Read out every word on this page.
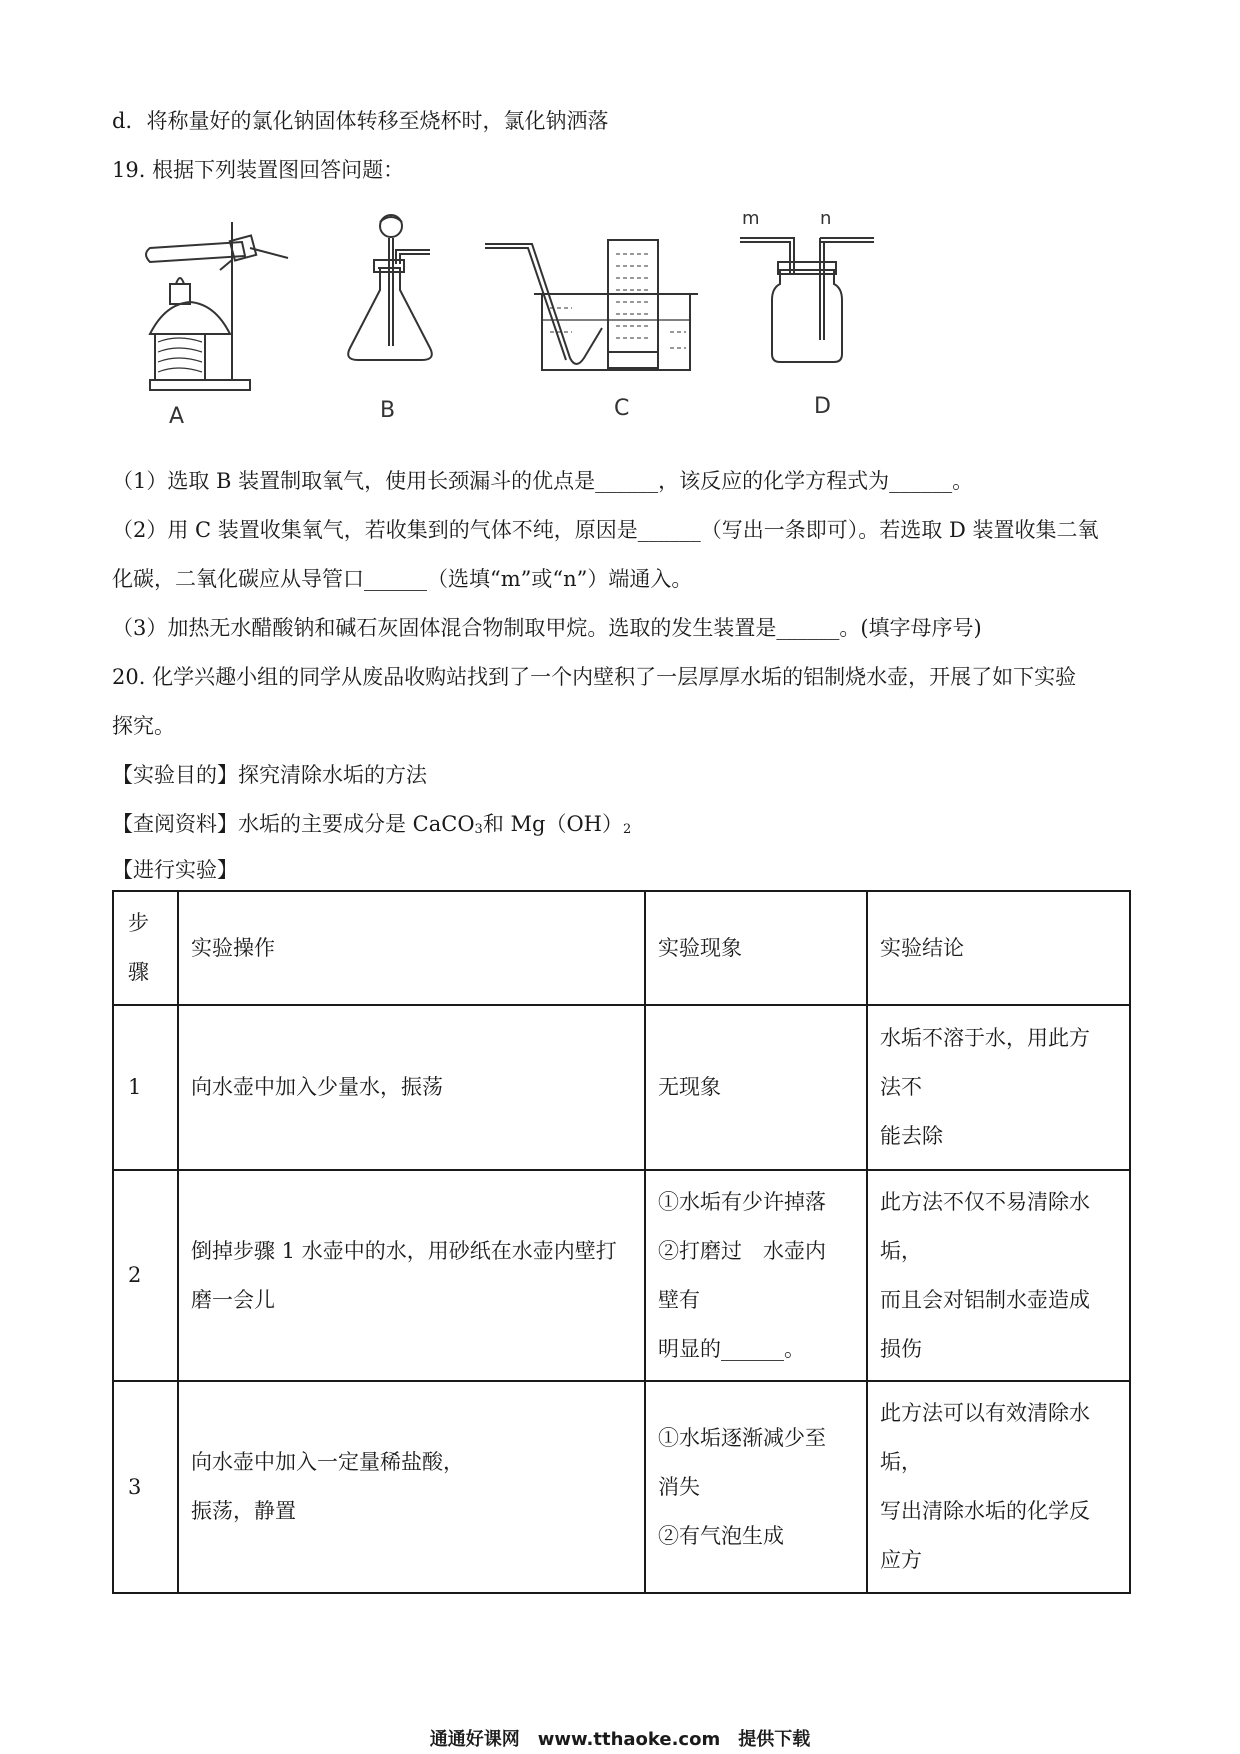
d．将称量好的氯化钠固体转移至烧杯时，氯化钠洒落
19. 根据下列装置图回答问题：
A	B	C	D
m	n
（1）选取 B 装置制取氧气，使用长颈漏斗的优点是______，该反应的化学方程式为______。
（2）用 C 装置收集氧气，若收集到的气体不纯，原因是______（写出一条即可）。若选取 D 装置收集二氧
化碳，二氧化碳应从导管口______（选填“m”或“n”）端通入。
（3）加热无水醋酸钠和碱石灰固体混合物制取甲烷。选取的发生装置是______。(填字母序号)
20. 化学兴趣小组的同学从废品收购站找到了一个内壁积了一层厚厚水垢的铝制烧水壶，开展了如下实验
探究。
【实验目的】探究清除水垢的方法
【查阅资料】水垢的主要成分是 CaCO$_3$和 $Mg(OH)_2$
【进行实验】
步
骤	实验操作	实验现象	实验结论
1	向水壶中加入少量水，振荡	无现象	水垢不溶于水，用此方
法不
能去除

2	倒掉步骤 1 水壶中的水，用砂纸在水壶内壁打
磨一会儿	①水垢有少许掉落
②打磨过　水壶内
壁有
明显的______。	此方法不仅不易清除水
垢，
而且会对铝制水壶造成
损伤

3	向水壶中加入一定量稀盐酸，
振荡，静置	①水垢逐渐减少至
消失
②有气泡生成	此方法可以有效清除水
垢，
写出清除水垢的化学反
应方
通通好课网　www.tthaoke.com　提供下载
